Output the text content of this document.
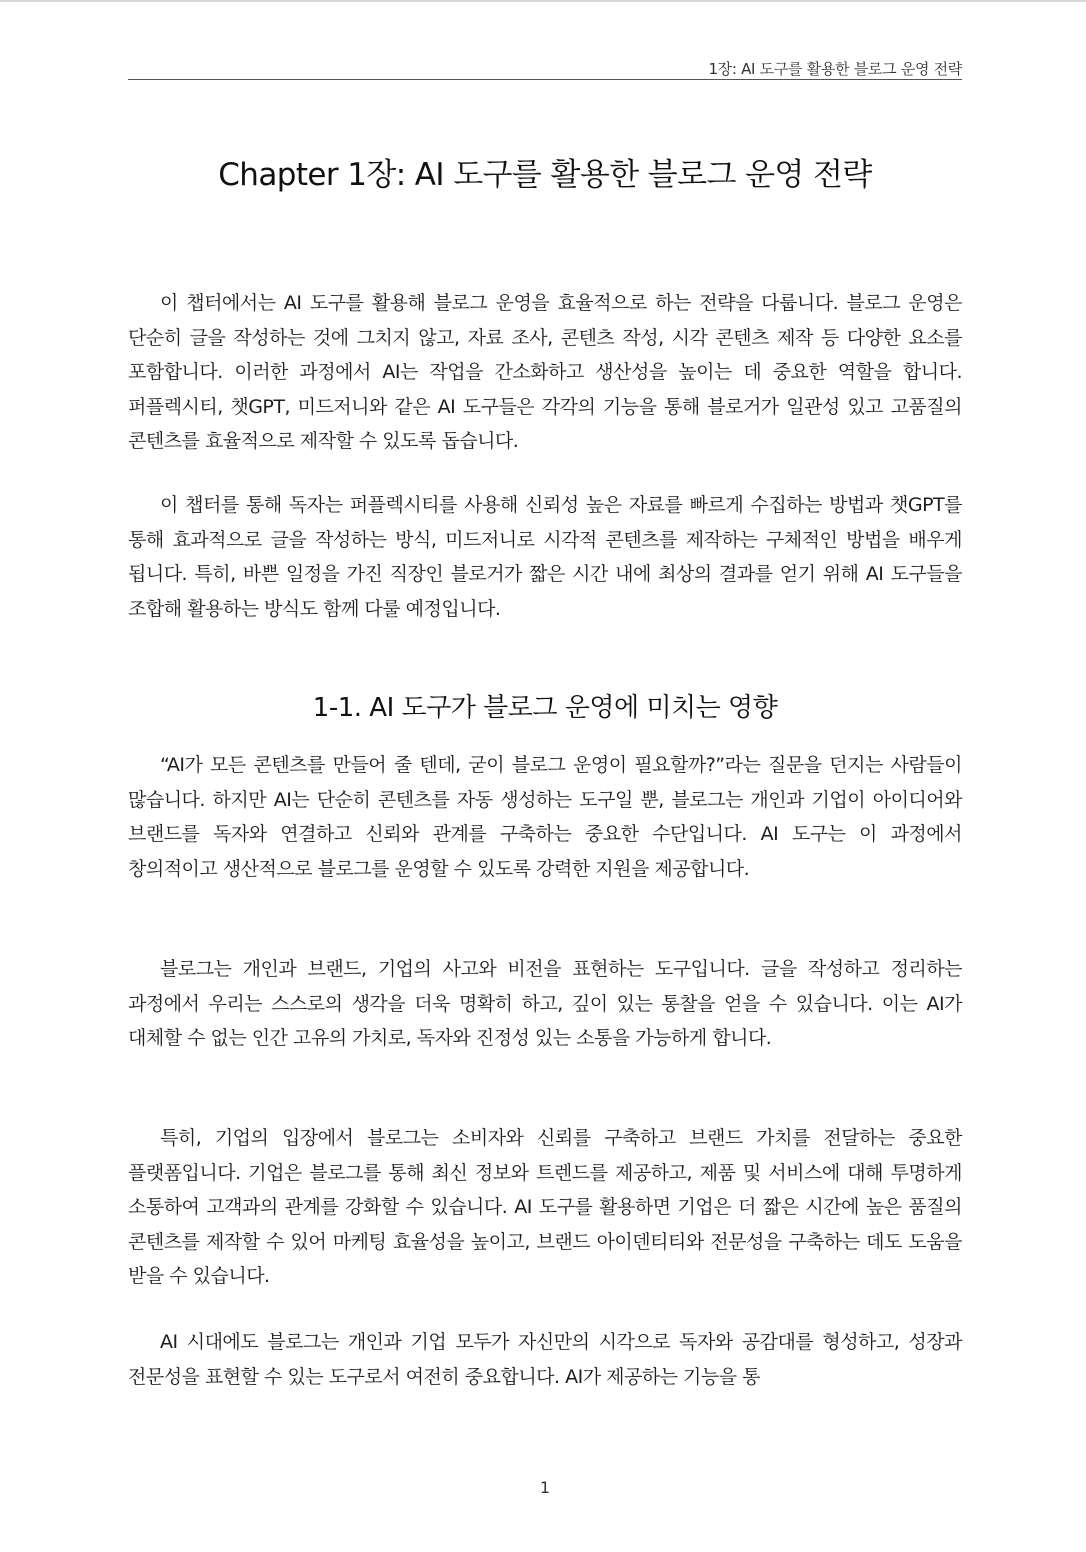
1장: AI 도구를 활용한 블로그 운영 전략
Chapter 1장: AI 도구를 활용한 블로그 운영 전략

이 챕터에서는 AI 도구를 활용해 블로그 운영을 효율적으로 하는 전략을 다룹니다. 블로그 운영은 단순히 글을 작성하는 것에 그치지 않고, 자료 조사, 콘텐츠 작성, 시각 콘텐츠 제작 등 다양한 요소를 포함합니다. 이러한 과정에서 AI는 작업을 간소화하고 생산성을 높이는 데 중요한 역할을 합니다. 퍼플렉시티, 챗GPT, 미드저니와 같은 AI 도구들은 각각의 기능을 통해 블로거가 일관성 있고 고품질의 콘텐츠를 효율적으로 제작할 수 있도록 돕습니다.

이 챕터를 통해 독자는 퍼플렉시티를 사용해 신뢰성 높은 자료를 빠르게 수집하는 방법과 챗GPT를 통해 효과적으로 글을 작성하는 방식, 미드저니로 시각적 콘텐츠를 제작하는 구체적인 방법을 배우게 됩니다. 특히, 바쁜 일정을 가진 직장인 블로거가 짧은 시간 내에 최상의 결과를 얻기 위해 AI 도구들을 조합해 활용하는 방식도 함께 다룰 예정입니다.

1-1. AI 도구가 블로그 운영에 미치는 영향

“AI가 모든 콘텐츠를 만들어 줄 텐데, 굳이 블로그 운영이 필요할까?”라는 질문을 던지는 사람들이 많습니다. 하지만 AI는 단순히 콘텐츠를 자동 생성하는 도구일 뿐, 블로그는 개인과 기업이 아이디어와 브랜드를 독자와 연결하고 신뢰와 관계를 구축하는 중요한 수단입니다. AI 도구는 이 과정에서 창의적이고 생산적으로 블로그를 운영할 수 있도록 강력한 지원을 제공합니다.

블로그는 개인과 브랜드, 기업의 사고와 비전을 표현하는 도구입니다. 글을 작성하고 정리하는 과정에서 우리는 스스로의 생각을 더욱 명확히 하고, 깊이 있는 통찰을 얻을 수 있습니다. 이는 AI가 대체할 수 없는 인간 고유의 가치로, 독자와 진정성 있는 소통을 가능하게 합니다.

특히, 기업의 입장에서 블로그는 소비자와 신뢰를 구축하고 브랜드 가치를 전달하는 중요한 플랫폼입니다. 기업은 블로그를 통해 최신 정보와 트렌드를 제공하고, 제품 및 서비스에 대해 투명하게 소통하여 고객과의 관계를 강화할 수 있습니다. AI 도구를 활용하면 기업은 더 짧은 시간에 높은 품질의 콘텐츠를 제작할 수 있어 마케팅 효율성을 높이고, 브랜드 아이덴티티와 전문성을 구축하는 데도 도움을 받을 수 있습니다.

AI 시대에도 블로그는 개인과 기업 모두가 자신만의 시각으로 독자와 공감대를 형성하고, 성장과 전문성을 표현할 수 있는 도구로서 여전히 중요합니다. AI가 제공하는 기능을 통

1
